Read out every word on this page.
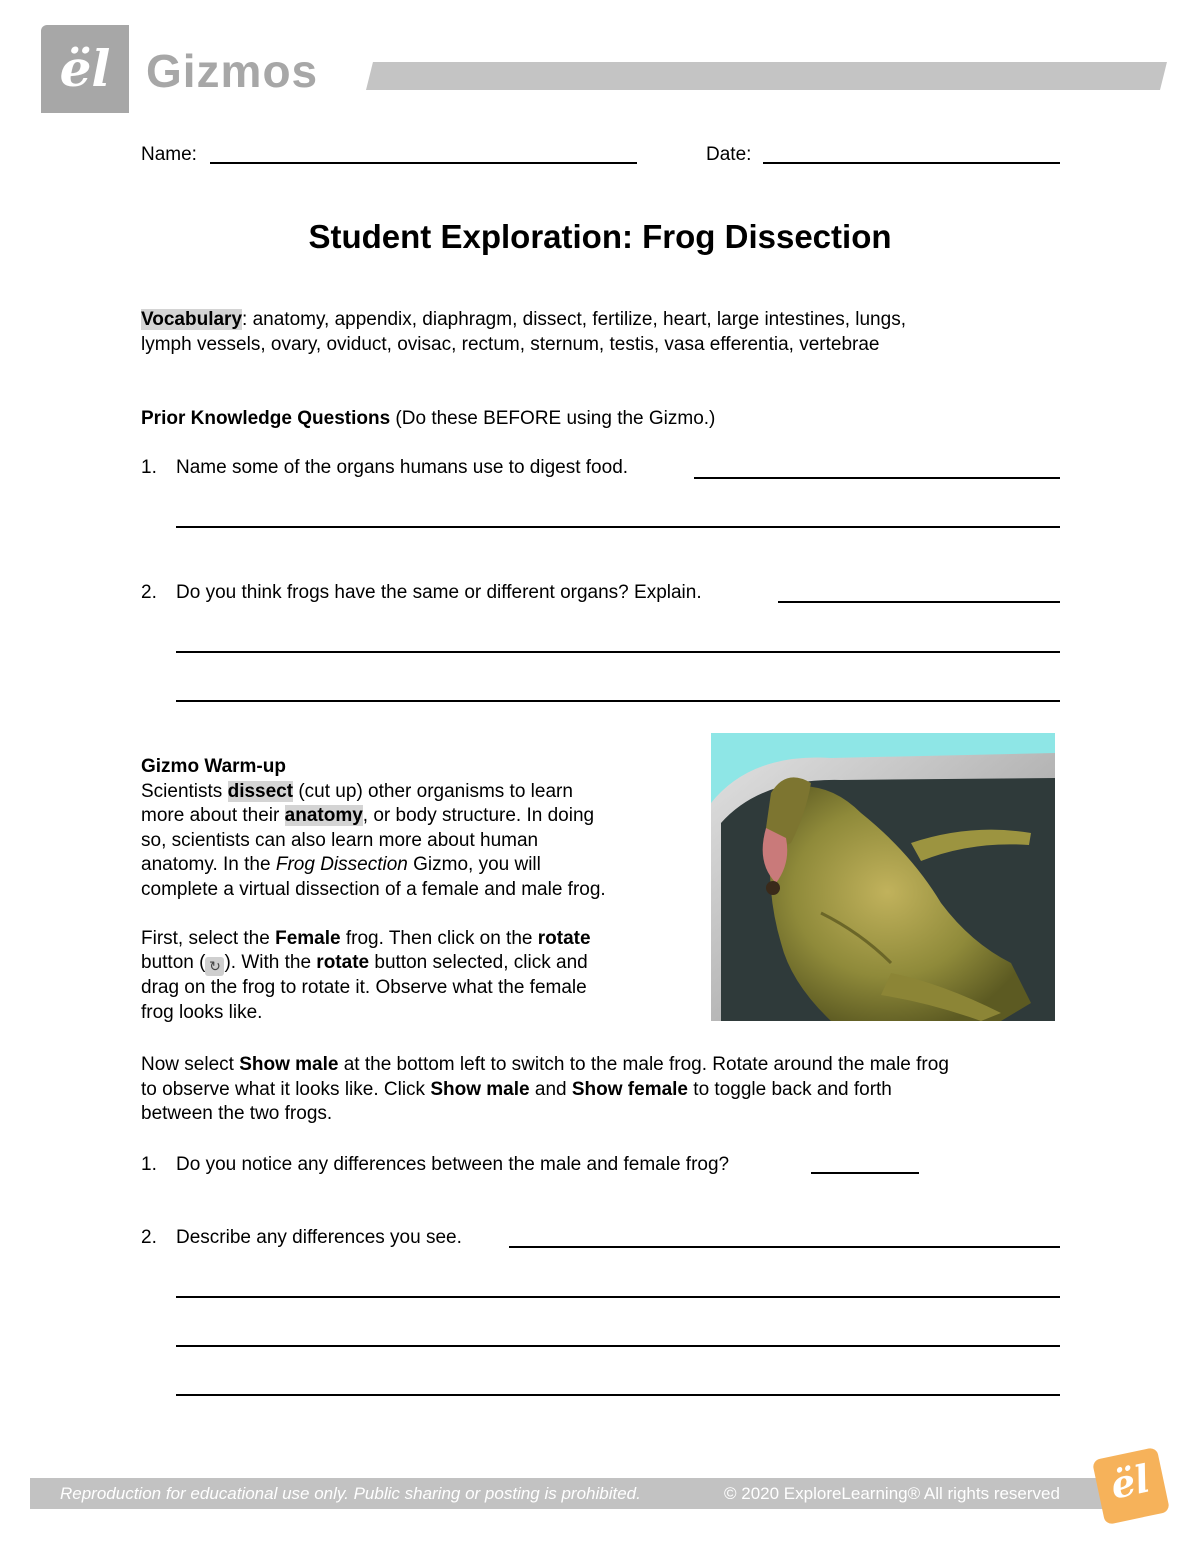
ël Gizmos
Name:	Date:
Student Exploration: Frog Dissection
Vocabulary: anatomy, appendix, diaphragm, dissect, fertilize, heart, large intestines, lungs,
lymph vessels, ovary, oviduct, ovisac, rectum, sternum, testis, vasa efferentia, vertebrae
Prior Knowledge Questions (Do these BEFORE using the Gizmo.)
1.	Name some of the organs humans use to digest food.
2.	Do you think frogs have the same or different organs? Explain.
Gizmo Warm-up
Scientists dissect (cut up) other organisms to learn
more about their anatomy, or body structure. In doing
so, scientists can also learn more about human
anatomy. In the Frog Dissection Gizmo, you will
complete a virtual dissection of a female and male frog.

First, select the Female frog. Then click on the rotate
button ( ↻ ). With the rotate button selected, click and
drag on the frog to rotate it. Observe what the female
frog looks like.
Now select Show male at the bottom left to switch to the male frog. Rotate around the male frog
to observe what it looks like. Click Show male and Show female to toggle back and forth
between the two frogs.
1.	Do you notice any differences between the male and female frog?
2.	Describe any differences you see.
Reproduction for educational use only. Public sharing or posting is prohibited.	© 2020 ExploreLearning® All rights reserved	ël
